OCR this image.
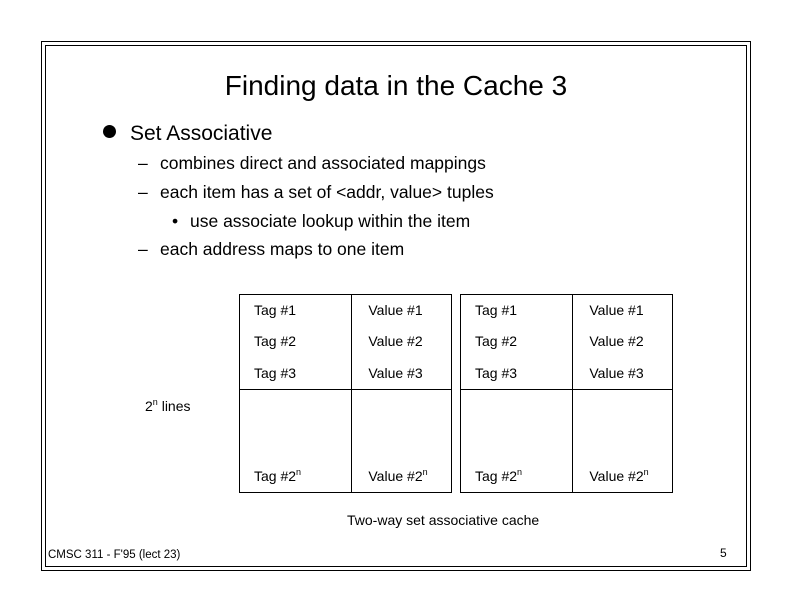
Finding data in the Cache 3
Set Associative
– combines direct and associated mappings
– each item has a set of <addr, value> tuples
• use associate lookup within the item
– each address maps to one item
Tag #1	Value #1
Tag #2	Value #2
Tag #3	Value #3

Tag #2$^n$	Value #2$^n$
Tag #1	Value #1
Tag #2	Value #2
Tag #3	Value #3

Tag #2$^n$	Value #2$^n$
2$^n$ lines
Two-way set associative cache
CMSC 311 - F'95 (lect 23)	5
